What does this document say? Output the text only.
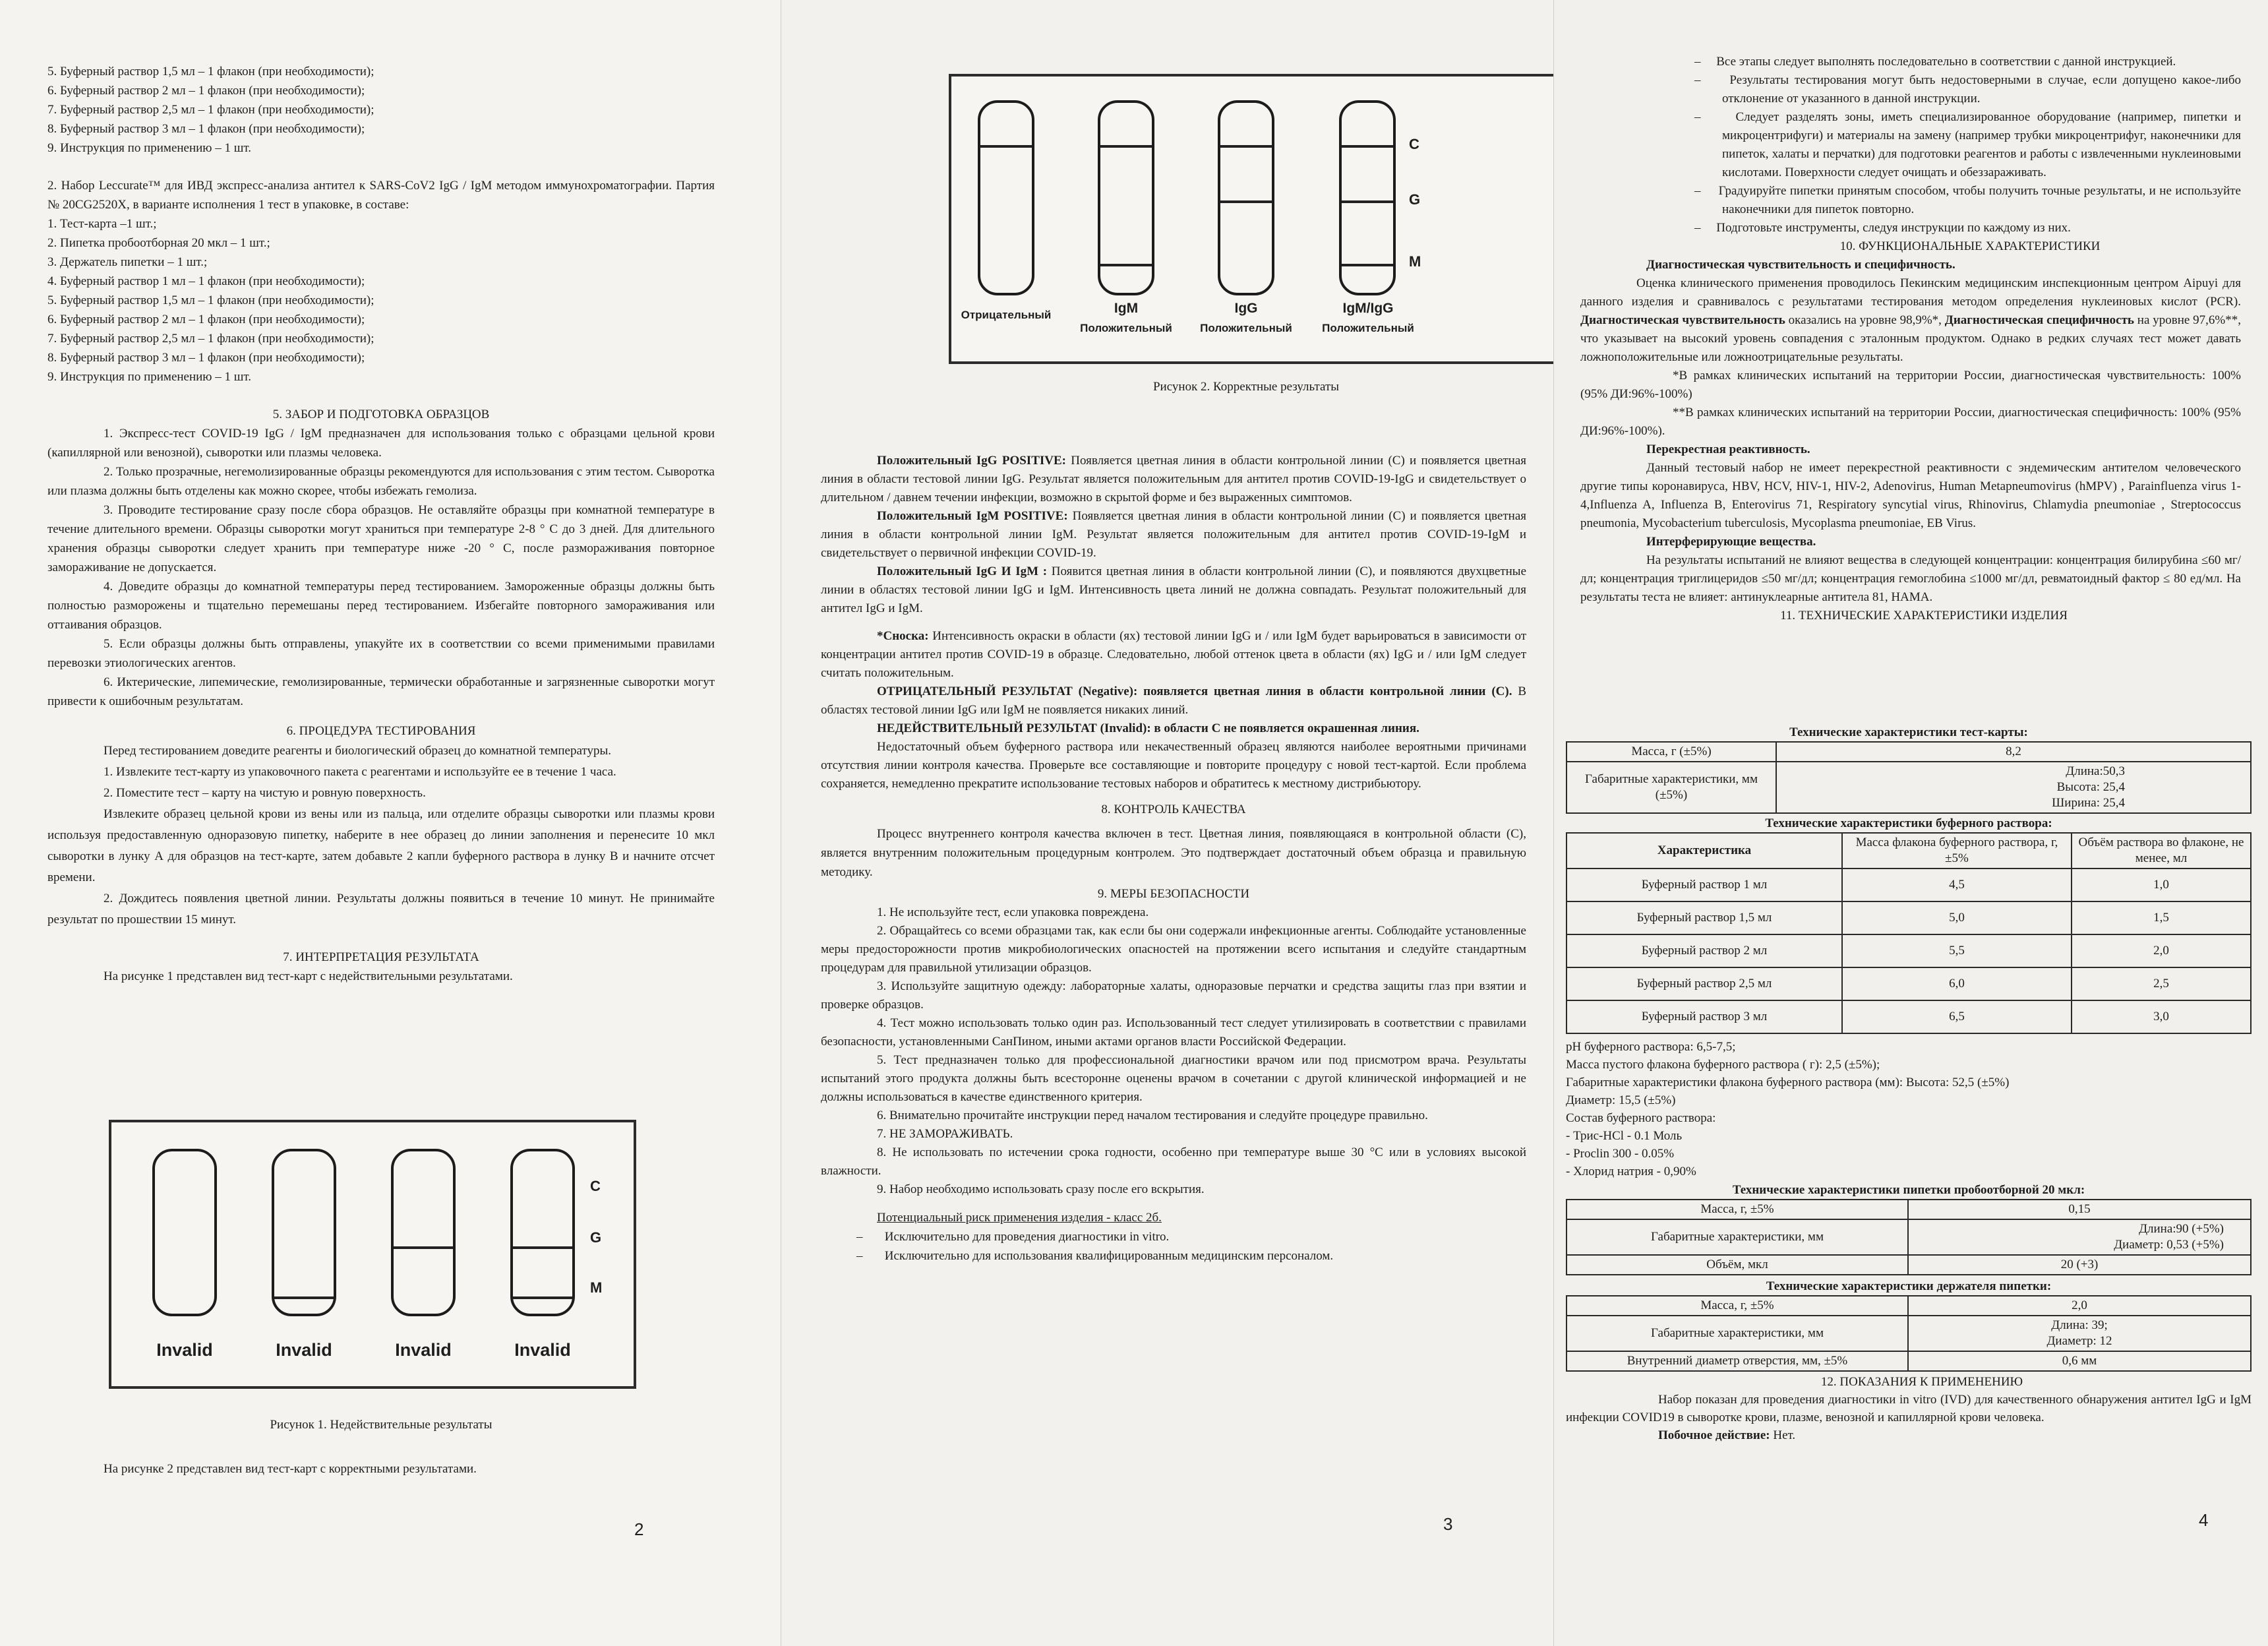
5. Буферный раствор 1,5 мл – 1 флакон (при необходимости);

6. Буферный раствор 2 мл – 1 флакон (при необходимости);

7. Буферный раствор 2,5 мл – 1 флакон (при необходимости);

8. Буферный раствор 3 мл – 1 флакон (при необходимости);

9. Инструкция по применению – 1 шт.

2. Набор Leccurate™ для ИВД экспресс-анализа антител к SARS-CoV2 IgG / IgM методом иммунохроматографии. Партия № 20CG2520X, в варианте исполнения 1 тест в упаковке, в составе:

1. Тест-карта –1 шт.;

2. Пипетка пробоотборная 20 мкл – 1 шт.;

3. Держатель пипетки – 1 шт.;

4. Буферный раствор 1 мл – 1 флакон (при необходимости);

5. Буферный раствор 1,5 мл – 1 флакон (при необходимости);

6. Буферный раствор 2 мл – 1 флакон (при необходимости);

7. Буферный раствор 2,5 мл – 1 флакон (при необходимости);

8. Буферный раствор 3 мл – 1 флакон (при необходимости);

9. Инструкция по применению – 1 шт.

5. ЗАБОР И ПОДГОТОВКА ОБРАЗЦОВ

1. Экспресс-тест COVID-19 IgG / IgM предназначен для использования только с образцами цельной крови (капиллярной или венозной), сыворотки или плазмы человека.

2. Только прозрачные, негемолизированные образцы рекомендуются для использования с этим тестом. Сыворотка или плазма должны быть отделены как можно скорее, чтобы избежать гемолиза.

3. Проводите тестирование сразу после сбора образцов. Не оставляйте образцы при комнатной температуре в течение длительного времени. Образцы сыворотки могут храниться при температуре 2-8 ° С до 3 дней. Для длительного хранения образцы сыворотки следует хранить при температуре ниже -20 ° С, после размораживания повторное замораживание не допускается.

4. Доведите образцы до комнатной температуры перед тестированием. Замороженные образцы должны быть полностью разморожены и тщательно перемешаны перед тестированием. Избегайте повторного замораживания или оттаивания образцов.

5. Если образцы должны быть отправлены, упакуйте их в соответствии со всеми применимыми правилами перевозки этиологических агентов.

6. Иктерические, липемические, гемолизированные, термически обработанные и загрязненные сыворотки могут привести к ошибочным результатам.

6. ПРОЦЕДУРА ТЕСТИРОВАНИЯ

Перед тестированием доведите реагенты и биологический образец до комнатной температуры.

1. Извлеките тест-карту из упаковочного пакета с реагентами и используйте ее в течение 1 часа.

2. Поместите тест – карту на чистую и ровную поверхность.

Извлеките образец цельной крови из вены или из пальца, или отделите образцы сыворотки или плазмы крови используя предоставленную одноразовую пипетку, наберите в нее образец до линии заполнения и перенесите 10 мкл сыворотки в лунку А для образцов на тест-карте, затем добавьте 2 капли буферного раствора в лунку В и начните отсчет времени.

2. Дождитесь появления цветной линии. Результаты должны появиться в течение 10 минут. Не принимайте результат по прошествии 15 минут.

7. ИНТЕРПРЕТАЦИЯ РЕЗУЛЬТАТА

На рисунке 1 представлен вид тест-карт с недействительными результатами.

C
G
M
Invalid	Invalid	Invalid	Invalid

Рисунок 1. Недействительные результаты

На рисунке 2 представлен вид тест-карт с корректными результатами.

2
C
G
M
Отрицательный	IgM
Положительный
IgG
Положительный
IgM/IgG
Положительный

Рисунок 2. Корректные результаты

Положительный IgG POSITIVE: Появляется цветная линия в области контрольной линии (С) и появляется цветная линия в области тестовой линии IgG. Результат является положительным для антител против COVID-19-IgG и свидетельствует о длительном / давнем течении инфекции, возможно в скрытой форме и без выраженных симптомов.

Положительный IgM POSITIVE: Появляется цветная линия в области контрольной линии (С) и появляется цветная линия в области контрольной линии IgM. Результат является положительным для антител против COVID-19-IgM и свидетельствует о первичной инфекции COVID-19.

Положительный IgG И IgM : Появится цветная линия в области контрольной линии (С), и появляются двухцветные линии в областях тестовой линии IgG и IgM. Интенсивность цвета линий не должна совпадать. Результат положительный для антител IgG и IgM.

*Сноска: Интенсивность окраски в области (ях) тестовой линии IgG и / или IgM будет варьироваться в зависимости от концентрации антител против COVID-19 в образце. Следовательно, любой оттенок цвета в области (ях) IgG и / или IgM следует считать положительным.

ОТРИЦАТЕЛЬНЫЙ РЕЗУЛЬТАТ (Negative): появляется цветная линия в области контрольной линии (С). В областях тестовой линии IgG или IgM не появляется никаких линий.

НЕДЕЙСТВИТЕЛЬНЫЙ РЕЗУЛЬТАТ (Invalid): в области С не появляется окрашенная линия.

Недостаточный объем буферного раствора или некачественный образец являются наиболее вероятными причинами отсутствия линии контроля качества. Проверьте все составляющие и повторите процедуру с новой тест-картой. Если проблема сохраняется, немедленно прекратите использование тестовых наборов и обратитесь к местному дистрибьютору.

8. КОНТРОЛЬ КАЧЕСТВА

Процесс внутреннего контроля качества включен в тест. Цветная линия, появляющаяся в контрольной области (С), является внутренним положительным процедурным контролем. Это подтверждает достаточный объем образца и правильную методику.

9. МЕРЫ БЕЗОПАСНОСТИ

1. Не используйте тест, если упаковка повреждена.

2. Обращайтесь со всеми образцами так, как если бы они содержали инфекционные агенты. Соблюдайте установленные меры предосторожности против микробиологических опасностей на протяжении всего испытания и следуйте стандартным процедурам для правильной утилизации образцов.

3. Используйте защитную одежду: лабораторные халаты, одноразовые перчатки и средства защиты глаз при взятии и проверке образцов.

4. Тест можно использовать только один раз. Использованный тест следует утилизировать в соответствии с правилами безопасности, установленными СанПином, иными актами органов власти Российской Федерации.

5. Тест предназначен только для профессиональной диагностики врачом или под присмотром врача. Результаты испытаний этого продукта должны быть всесторонне оценены врачом в сочетании с другой клинической информацией и не должны использоваться в качестве единственного критерия.

6. Внимательно прочитайте инструкции перед началом тестирования и следуйте процедуре правильно.

7. НЕ ЗАМОРАЖИВАТЬ.

8. Не использовать по истечении срока годности, особенно при температуре выше 30 °C или в условиях высокой влажности.

9. Набор необходимо использовать сразу после его вскрытия.

Потенциальный риск применения изделия - класс 2б.

–       Исключительно для проведения диагностики in vitro.

–       Исключительно для использования квалифицированным медицинским персоналом.

3

–     Все этапы следует выполнять последовательно в соответствии с данной инструкцией.

–     Результаты тестирования могут быть недостоверными в случае, если допущено какое-либо отклонение от указанного в данной инструкции.

–     Следует разделять зоны, иметь специализированное оборудование (например, пипетки и микроцентрифуги) и материалы на замену (например трубки микроцентрифуг, наконечники для пипеток, халаты и перчатки) для подготовки реагентов и работы с извлеченными нуклеиновыми кислотами. Поверхности следует очищать и обеззараживать.

–     Градуируйте пипетки принятым способом, чтобы получить точные результаты, и не используйте наконечники для пипеток повторно.

–     Подготовьте инструменты, следуя инструкции по каждому из них.

10. ФУНКЦИОНАЛЬНЫЕ ХАРАКТЕРИСТИКИ

Диагностическая чувствительность и специфичность.

Оценка клинического применения проводилось Пекинским медицинским инспекционным центром Aipuyi для данного изделия и сравнивалось с результатами тестирования методом определения нуклеиновых кислот (PCR). Диагностическая чувствительность оказались на уровне 98,9%*, Диагностическая специфичность на уровне 97,6%**, что указывает на высокий уровень совпадения с эталонным продуктом. Однако в редких случаях тест может давать ложноположительные или ложноотрицательные результаты.

*В рамках клинических испытаний на территории России, диагностическая чувствительность: 100% (95% ДИ:96%-100%)

**В рамках клинических испытаний на территории России, диагностическая специфичность: 100% (95% ДИ:96%-100%).

Перекрестная реактивность.

Данный тестовый набор не имеет перекрестной реактивности с эндемическим антителом человеческого другие типы коронавируса, HBV, HCV, HIV-1, HIV-2, Adenovirus, Human Metapneumovirus (hMPV) , Parainfluenza virus 1-4,Influenza A, Influenza B, Enterovirus 71, Respiratory syncytial virus, Rhinovirus, Chlamydia pneumoniae , Streptococcus pneumonia, Mycobacterium tuberculosis, Mycoplasma pneumoniae, EB Virus.

Интерферирующие вещества.

На результаты испытаний не влияют вещества в следующей концентрации: концентрация билирубина ≤60 мг/дл; концентрация триглицеридов ≤50 мг/дл; концентрация гемоглобина ≤1000 мг/дл, ревматоидный фактор ≤ 80 ед/мл. На результаты теста не влияет: антинуклеарные антитела 81, HAMA.

11. ТЕХНИЧЕСКИЕ ХАРАКТЕРИСТИКИ ИЗДЕЛИЯ

Технические характеристики тест-карты:
Масса, г (±5%)	8,2
Габаритные характеристики, мм (±5%)	Длина:50,3
Высота: 25,4
Ширина: 25,4
Технические характеристики буферного раствора:
Характеристика	Масса флакона буферного раствора, г, ±5%	Объём раствора во флаконе, не менее, мл
Буферный раствор 1 мл	4,5	1,0
Буферный раствор 1,5 мл	5,0	1,5
Буферный раствор 2 мл	5,5	2,0
Буферный раствор 2,5 мл	6,0	2,5
Буферный раствор 3 мл	6,5	3,0

pH буферного раствора: 6,5-7,5;

Масса пустого флакона буферного раствора ( г): 2,5 (±5%);

Габаритные характеристики флакона буферного раствора (мм): Высота: 52,5 (±5%)

Диаметр: 15,5 (±5%)

Состав буферного раствора:

- Трис-HCl - 0.1 Моль

- Proclin 300 - 0.05%

- Хлорид натрия - 0,90%

Технические характеристики пипетки пробоотборной 20 мкл:
Масса, г, ±5%	0,15
Габаритные характеристики, мм	Длина:90 (+5%)
Диаметр: 0,53 (+5%)

Объём, мкл	20 (+3)
Технические характеристики держателя пипетки:
Масса, г, ±5%	2,0
Габаритные характеристики, мм	Длина: 39;
Диаметр: 12

Внутренний диаметр отверстия, мм, ±5%	0,6 мм

12. ПОКАЗАНИЯ К ПРИМЕНЕНИЮ

Набор показан для проведения диагностики in vitro (IVD) для качественного обнаружения антител IgG и IgM инфекции COVID19 в сыворотке крови, плазме, венозной и капиллярной крови человека.

Побочное действие: Нет.

4
